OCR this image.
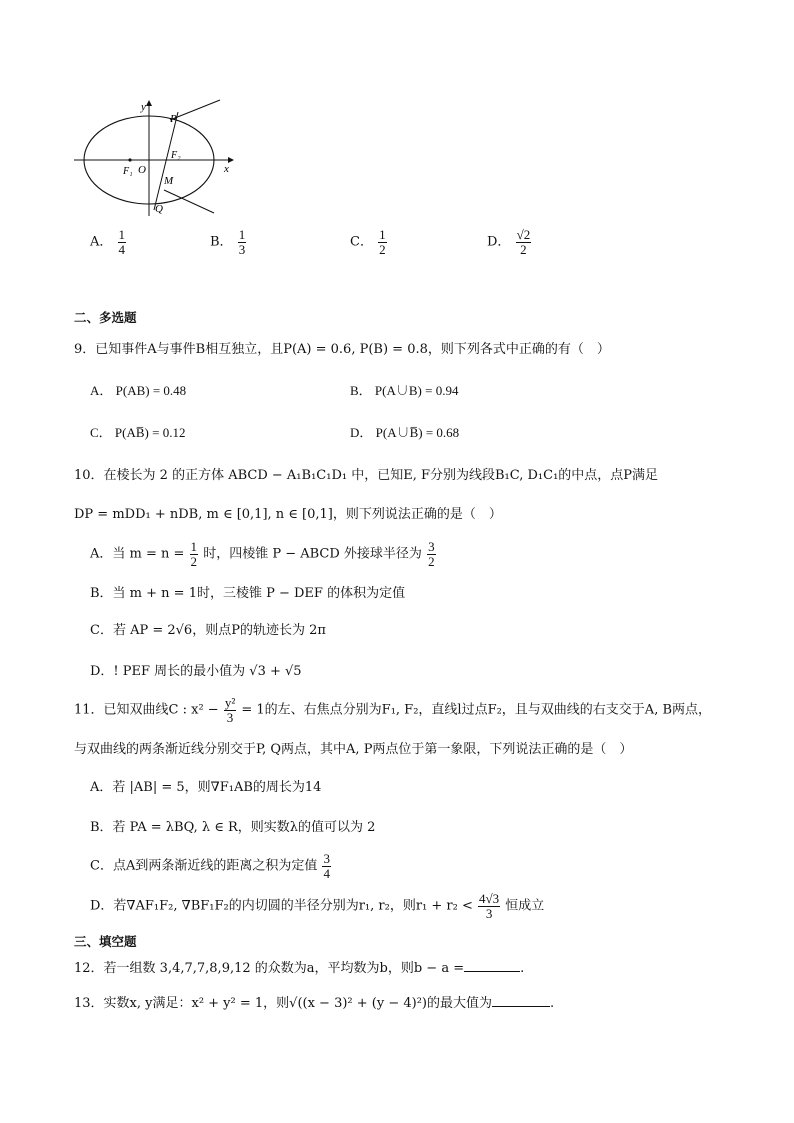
y
x
P
F₂
F₁ O
M
Q
A． $\frac{1}{4}$	B． $\frac{1}{3}$	C． $\frac{1}{2}$	D． $\frac{√2}{2}$
二、多选题
9．已知事件A与事件B相互独立，且P(A) = 0.6, P(B) = 0.8，则下列各式中正确的有（　）
A． P(AB) = 0.48	B． P(A∪B) = 0.94
C． P(AB̅) = 0.12	D． P(A∪B̅) = 0.68
10．在棱长为 2 的正方体 ABCD − A₁B₁C₁D₁ 中，已知E, F分别为线段B₁C, D₁C₁的中点，点P满足
DP = mDD₁ + nDB, m ∈ [0,1], n ∈ [0,1]，则下列说法正确的是（　）
A．当 $m = n = \frac{1}{2}$ 时，四棱锥 P − ABCD 外接球半径为 $\frac{3}{2}$
B．当 m + n = 1时，三棱锥 P − DEF 的体积为定值
C．若 AP = 2√6，则点P的轨迹长为 2π
D．! PEF 周长的最小值为 √3 + √5
11．已知双曲线C : $x^2 - \frac{\text{y²}}{3} = 1$的左、右焦点分别为F₁, F₂，直线l过点F₂，且与双曲线的右支交于A, B两点，
与双曲线的两条渐近线分别交于P, Q两点，其中A, P两点位于第一象限，下列说法正确的是（　）
A．若 |AB| = 5，则∇F₁AB的周长为14
B．若 PA = λBQ, λ ∈ R，则实数λ的值可以为 2
C．点A到两条渐近线的距离之积为定值 $\frac{3}{4}$
D．若∇AF₁F₂, ∇BF₁F₂的内切圆的半径分别为r₁, r₂，则$r_1 + r_2 < \frac{4√3}{3}$ 恒成立
三、填空题
12．若一组数 3,4,7,7,8,9,12 的众数为a，平均数为b，则b − a =	.
13．实数x, y满足：x² + y² = 1，则√((x − 3)² + (y − 4)²)的最大值为	.
